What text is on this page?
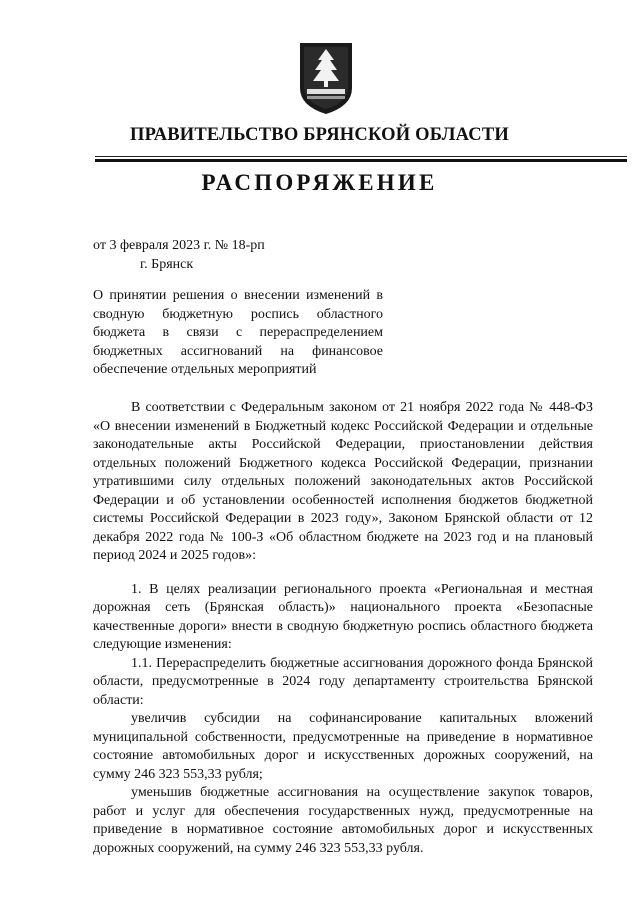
ПРАВИТЕЛЬСТВО БРЯНСКОЙ ОБЛАСТИ
РАСПОРЯЖЕНИЕ
от 3 февраля 2023 г. № 18-рп
г. Брянск
О принятии решения о внесении изменений в сводную бюджетную роспись областного бюджета в связи с перераспределением бюджетных ассигнований на финансовое обеспечение отдельных мероприятий

В соответствии с Федеральным законом от 21 ноября 2022 года № 448-ФЗ «О внесении изменений в Бюджетный кодекс Российской Федерации и отдельные законодательные акты Российской Федерации, приостановлении действия отдельных положений Бюджетного кодекса Российской Федерации, признании утратившими силу отдельных положений законодательных актов Российской Федерации и об установлении особенностей исполнения бюджетов бюджетной системы Российской Федерации в 2023 году», Законом Брянской области от 12 декабря 2022 года № 100-З «Об областном бюджете на 2023 год и на плановый период 2024 и 2025 годов»:

1. В целях реализации регионального проекта «Региональная и местная дорожная сеть (Брянская область)» национального проекта «Безопасные качественные дороги» внести в сводную бюджетную роспись областного бюджета следующие изменения:

1.1. Перераспределить бюджетные ассигнования дорожного фонда Брянской области, предусмотренные в 2024 году департаменту строительства Брянской области:

увеличив субсидии на софинансирование капитальных вложений муниципальной собственности, предусмотренные на приведение в нормативное состояние автомобильных дорог и искусственных дорожных сооружений, на сумму 246 323 553,33 рубля;

уменьшив бюджетные ассигнования на осуществление закупок товаров, работ и услуг для обеспечения государственных нужд, предусмотренные на приведение в нормативное состояние автомобильных дорог и искусственных дорожных сооружений, на сумму 246 323 553,33 рубля.
